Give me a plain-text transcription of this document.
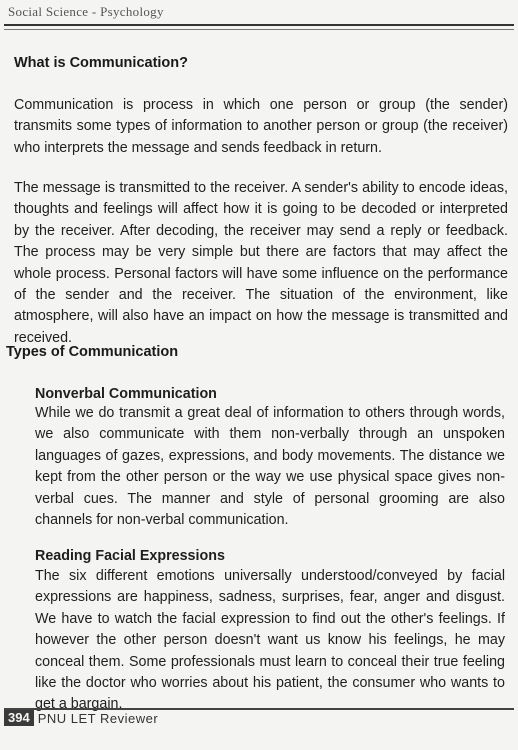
Social Science - Psychology
What is Communication?

Communication is process in which one person or group (the sender) transmits some types of information to another person or group (the receiver) who interprets the message and sends feedback in return.

The message is transmitted to the receiver. A sender's ability to encode ideas, thoughts and feelings will affect how it is going to be decoded or interpreted by the receiver. After decoding, the receiver may send a reply or feedback. The process may be very simple but there are factors that may affect the whole process. Personal factors will have some influence on the performance of the sender and the receiver. The situation of the environment, like atmosphere, will also have an impact on how the message is transmitted and received.

Types of Communication
Nonverbal Communication

While we do transmit a great deal of information to others through words, we also communicate with them non-verbally through an unspoken languages of gazes, expressions, and body movements. The distance we kept from the other person or the way we use physical space gives non-verbal cues. The manner and style of personal grooming are also channels for non-verbal communication.

Reading Facial Expressions

The six different emotions universally understood/conveyed by facial expressions are happiness, sadness, surprises, fear, anger and disgust. We have to watch the facial expression to find out the other's feelings. If however the other person doesn't want us know his feelings, he may conceal them. Some professionals must learn to conceal their true feeling like the doctor who worries about his patient, the consumer who wants to get a bargain.

394 PNU LET Reviewer
